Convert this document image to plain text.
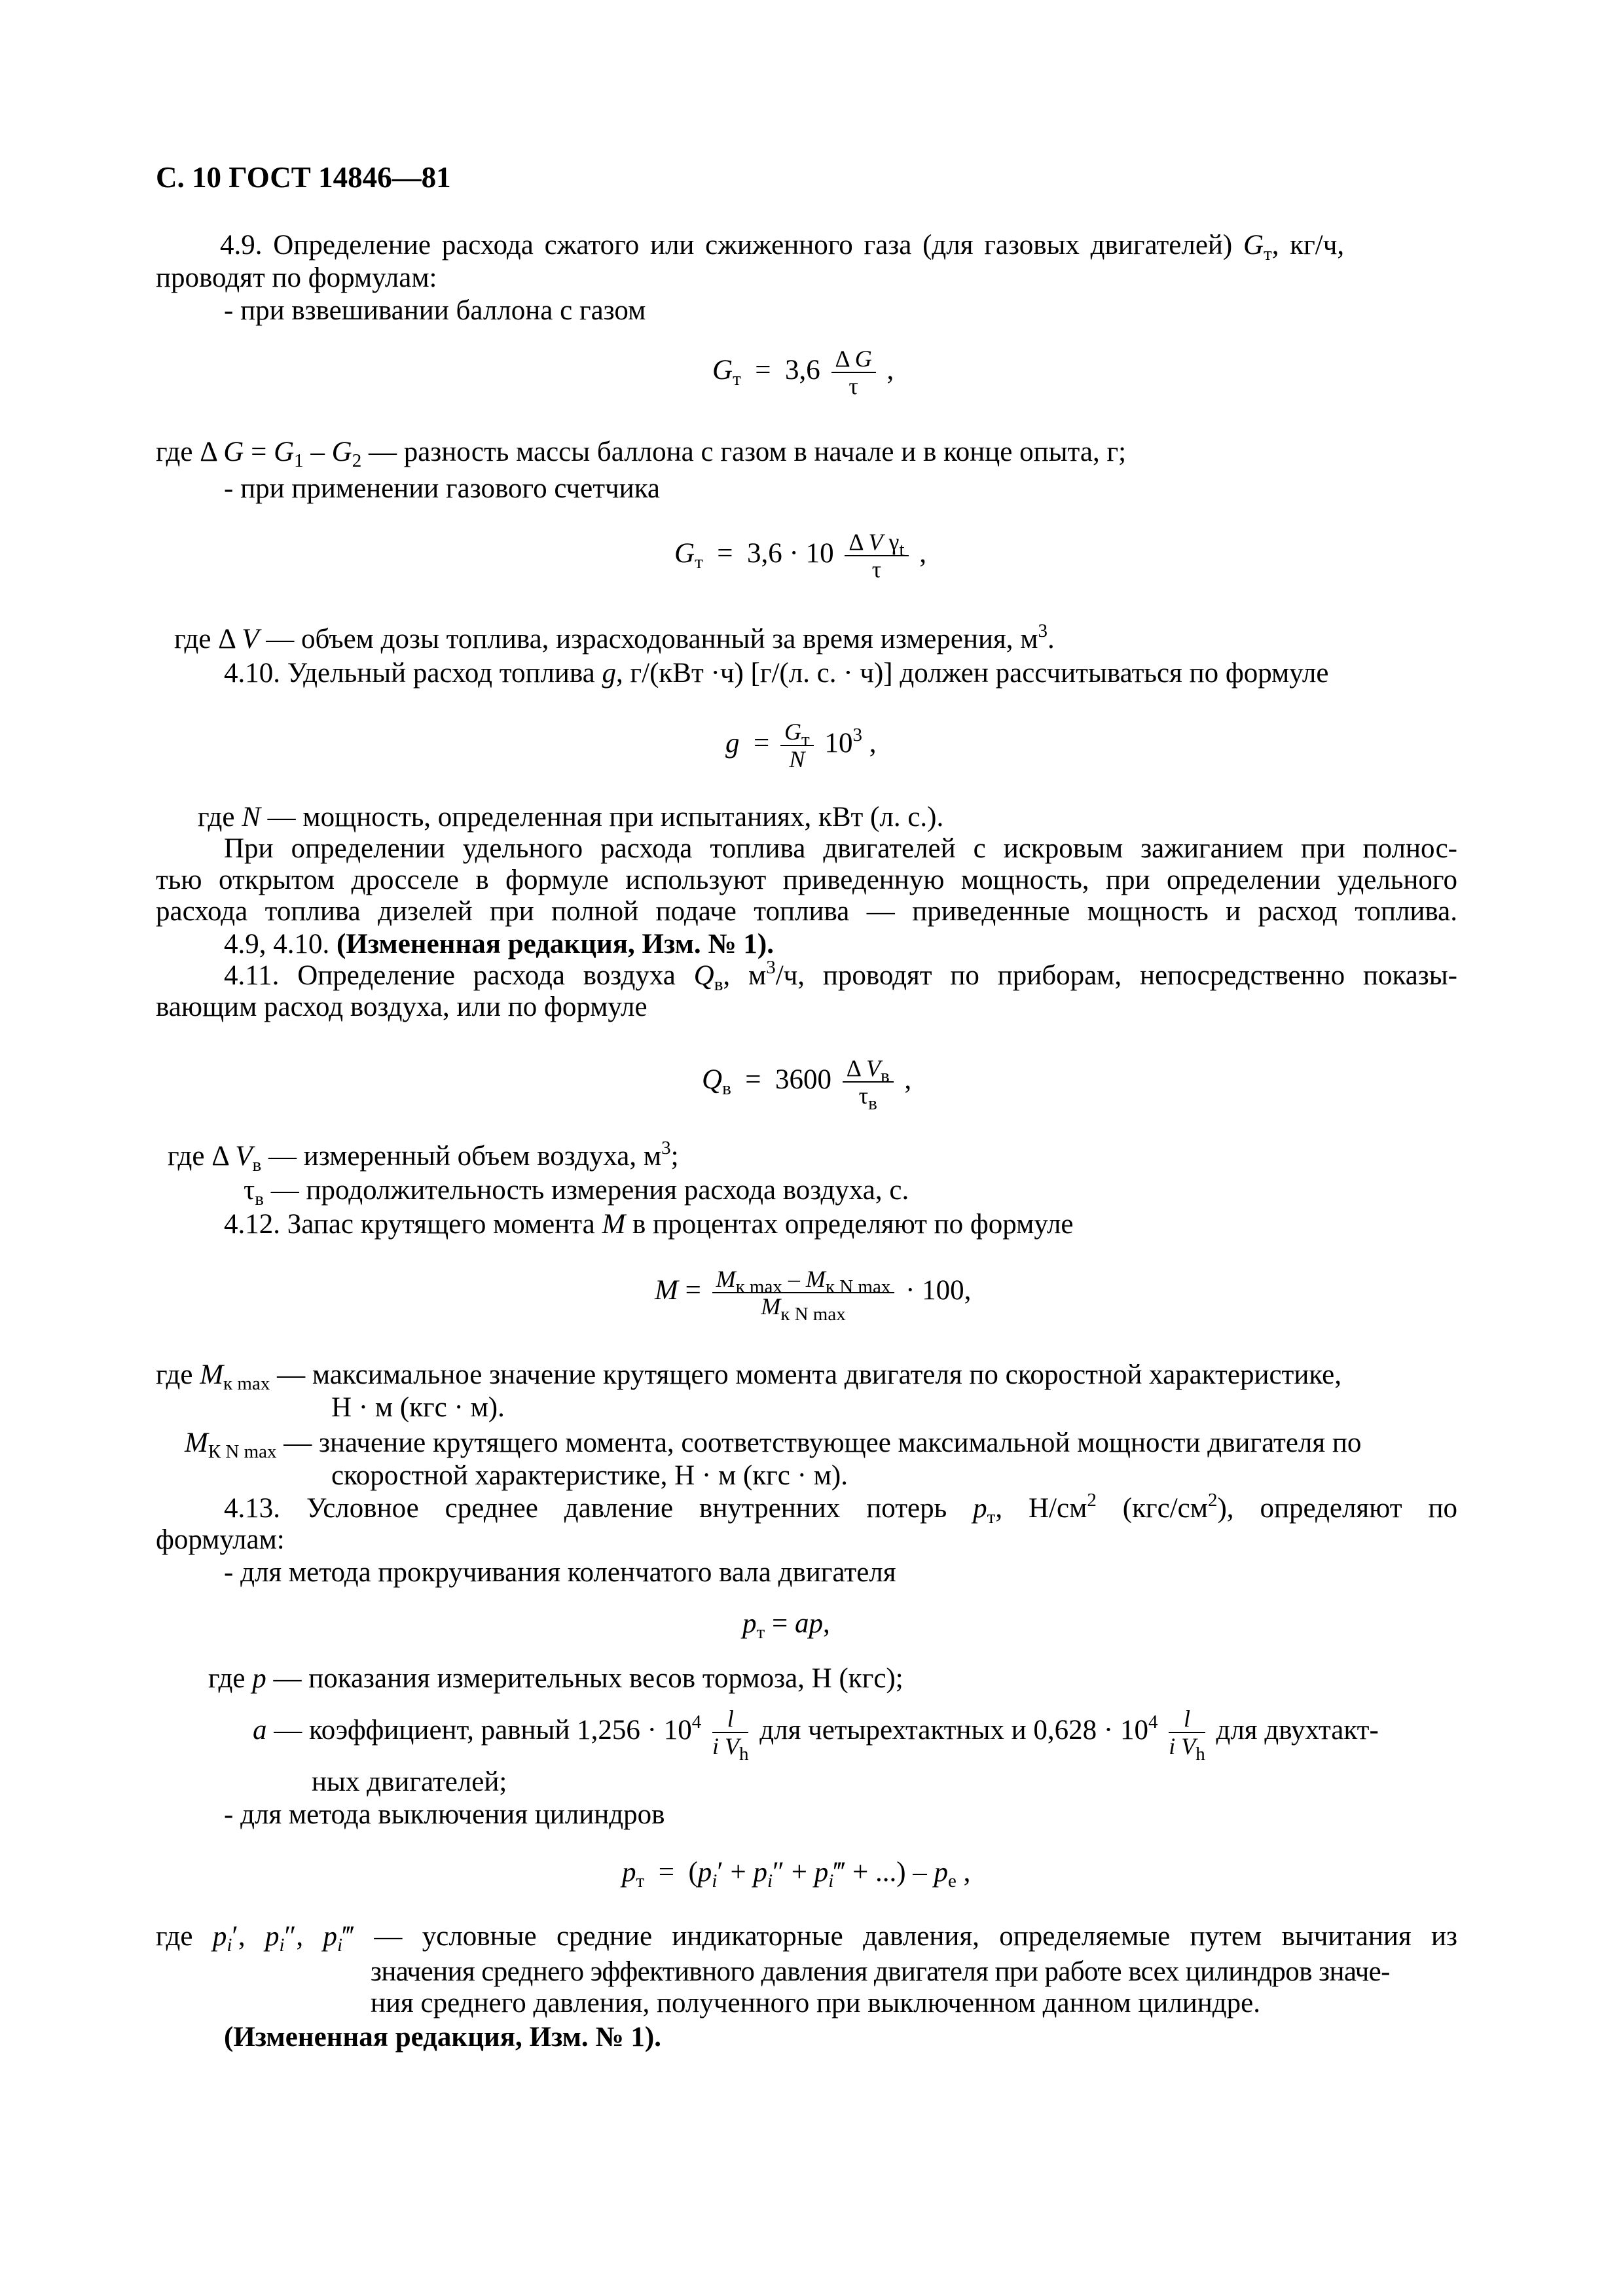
С. 10 ГОСТ 14846—81
4.9. Определение расхода сжатого или сжиженного газа (для газовых двигателей) $G_т$, кг/ч,
проводят по формулам:
- при взвешивании баллона с газом
$G_т = 3,6 \frac{\text{Δ G}}{\tau}$ ,
где Δ $G = G_1 - G_2$ — разность массы баллона с газом в начале и в конце опыта, г;
- при применении газового счетчика
$G_т = 3,6 \cdot 10 \frac{\Delta V \gamma_t}{\tau}$ ,
где Δ V — объем дозы топлива, израсходованный за время измерения, $м^3$.
4.10. Удельный расход топлива g, г/(кВт ·ч) [г/(л. с. · ч)] должен рассчитываться по формуле
$g = \frac{G_т}{N} 10^3$ ,
где N — мощность, определенная при испытаниях, кВт (л. с.).
При определении удельного расхода топлива двигателей с искровым зажиганием при полнос-
тью открытом дросселе в формуле используют приведенную мощность, при определении удельного
расхода топлива дизелей при полной подаче топлива — приведенные мощность и расход топлива.
4.9, 4.10. (Измененная редакция, Изм. № 1).
4.11. Определение расхода воздуха $Q_в$, $м^3/ч$, проводят по приборам, непосредственно показы-
вающим расход воздуха, или по формуле
$Q_в = 3600 \frac{\Delta V_в}{\tau_в}$ ,
где Δ $V_в$ — измеренный объем воздуха, $м^3$;
$\tau_в$ — продолжительность измерения расхода воздуха, с.
4.12. Запас крутящего момента M в процентах определяют по формуле
$M = \frac{M_{к max} - M_{к N max}}{M_{к N max}} \cdot 100$,
где $M_{к max}$ — максимальное значение крутящего момента двигателя по скоростной характеристике,
Н · м (кгс · м).
$M_{К N max}$ — значение крутящего момента, соответствующее максимальной мощности двигателя по
скоростной характеристике, Н · м (кгс · м).
4.13. Условное среднее давление внутренних потерь $p_т$, $Н/см^2$ $(кгс/см^2)$, определяют по
формулам:
- для метода прокручивания коленчатого вала двигателя
$p_т$ = ap,
где p — показания измерительных весов тормоза, Н (кгс);
a — коэффициент, равный $1,256 \cdot 10^4 \frac{l}{i V_h}$ для четырехтактных и $0,628 \cdot 10^4 \frac{l}{i V_h}$ для двухтакт-
ных двигателей;
- для метода выключения цилиндров
$p_т = (p_i' + p_i''$ + $p_i‴$ + ...) – $p_e$ ,
где $p_i'$, $p_i''$, $p_i‴$ — условные средние индикаторные давления, определяемые путем вычитания из
значения среднего эффективного давления двигателя при работе всех цилиндров значе-
ния среднего давления, полученного при выключенном данном цилиндре.
(Измененная редакция, Изм. № 1).
